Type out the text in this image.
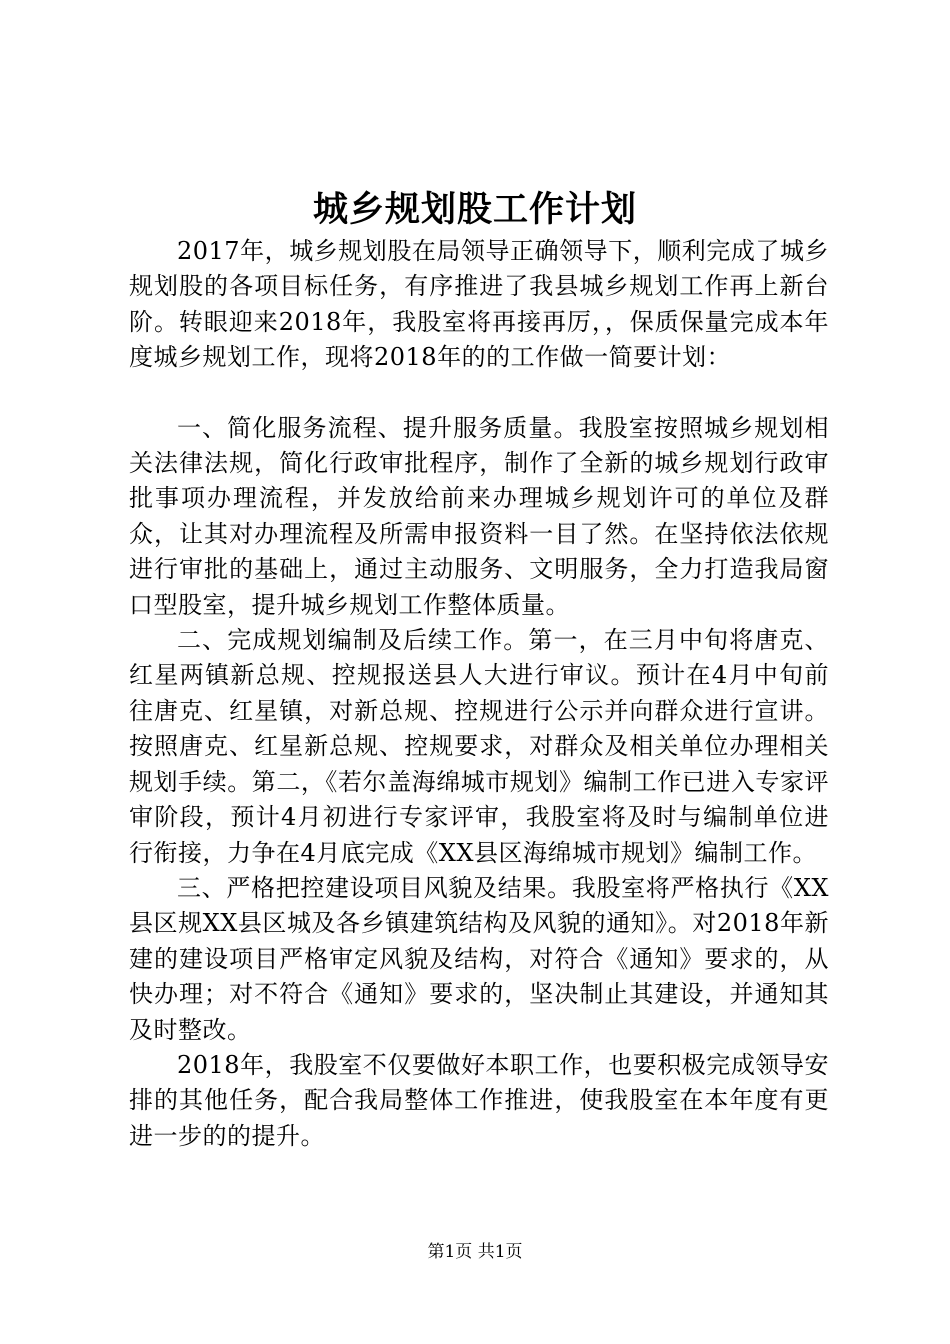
城乡规划股工作计划

2017年，城乡规划股在局领导正确领导下，顺利完成了城乡规划股的各项目标任务，有序推进了我县城乡规划工作再上新台阶。转眼迎来2018年，我股室将再接再厉，，保质保量完成本年度城乡规划工作，现将2018年的的工作做一简要计划：

一、简化服务流程、提升服务质量。我股室按照城乡规划相关法律法规，简化行政审批程序，制作了全新的城乡规划行政审批事项办理流程，并发放给前来办理城乡规划许可的单位及群众，让其对办理流程及所需申报资料一目了然。在坚持依法依规进行审批的基础上，通过主动服务、文明服务，全力打造我局窗口型股室，提升城乡规划工作整体质量。

二、完成规划编制及后续工作。第一，在三月中旬将唐克、红星两镇新总规、控规报送县人大进行审议。预计在4月中旬前往唐克、红星镇，对新总规、控规进行公示并向群众进行宣讲。按照唐克、红星新总规、控规要求，对群众及相关单位办理相关规划手续。第二，《若尔盖海绵城市规划》编制工作已进入专家评审阶段，预计4月初进行专家评审，我股室将及时与编制单位进行衔接，力争在4月底完成《XX县区海绵城市规划》编制工作。

三、严格把控建设项目风貌及结果。我股室将严格执行《XX县区规XX县区城及各乡镇建筑结构及风貌的通知》。对2018年新建的建设项目严格审定风貌及结构，对符合《通知》要求的，从快办理；对不符合《通知》要求的，坚决制止其建设，并通知其及时整改。

2018年，我股室不仅要做好本职工作，也要积极完成领导安排的其他任务，配合我局整体工作推进，使我股室在本年度有更进一步的的提升。

第1页 共1页
